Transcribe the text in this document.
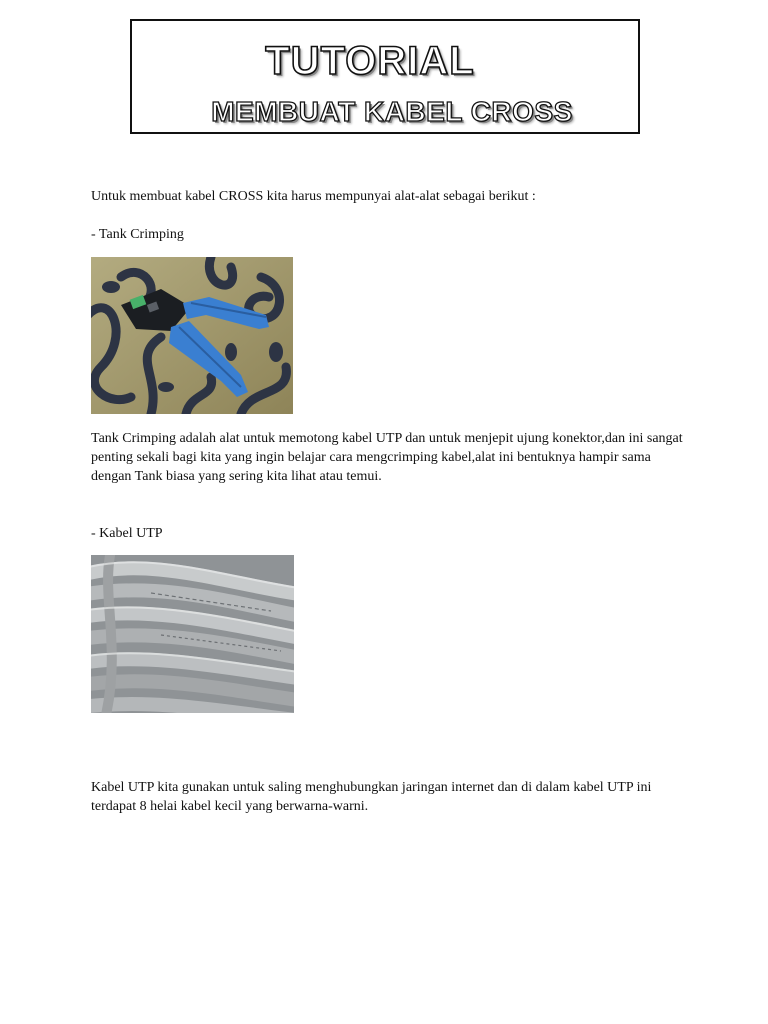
TUTORIAL
MEMBUAT KABEL CROSS
Untuk membuat kabel CROSS kita harus mempunyai alat-alat sebagai berikut :
- Tank Crimping
Tank Crimping adalah alat untuk memotong kabel UTP dan untuk menjepit ujung konektor,dan ini sangat
penting sekali bagi kita yang ingin belajar cara mengcrimping kabel,alat ini bentuknya hampir sama
dengan Tank biasa yang sering kita lihat atau temui.
- Kabel UTP
Kabel UTP kita gunakan untuk saling menghubungkan jaringan internet dan di dalam kabel UTP ini
terdapat 8 helai kabel kecil yang berwarna-warni.
